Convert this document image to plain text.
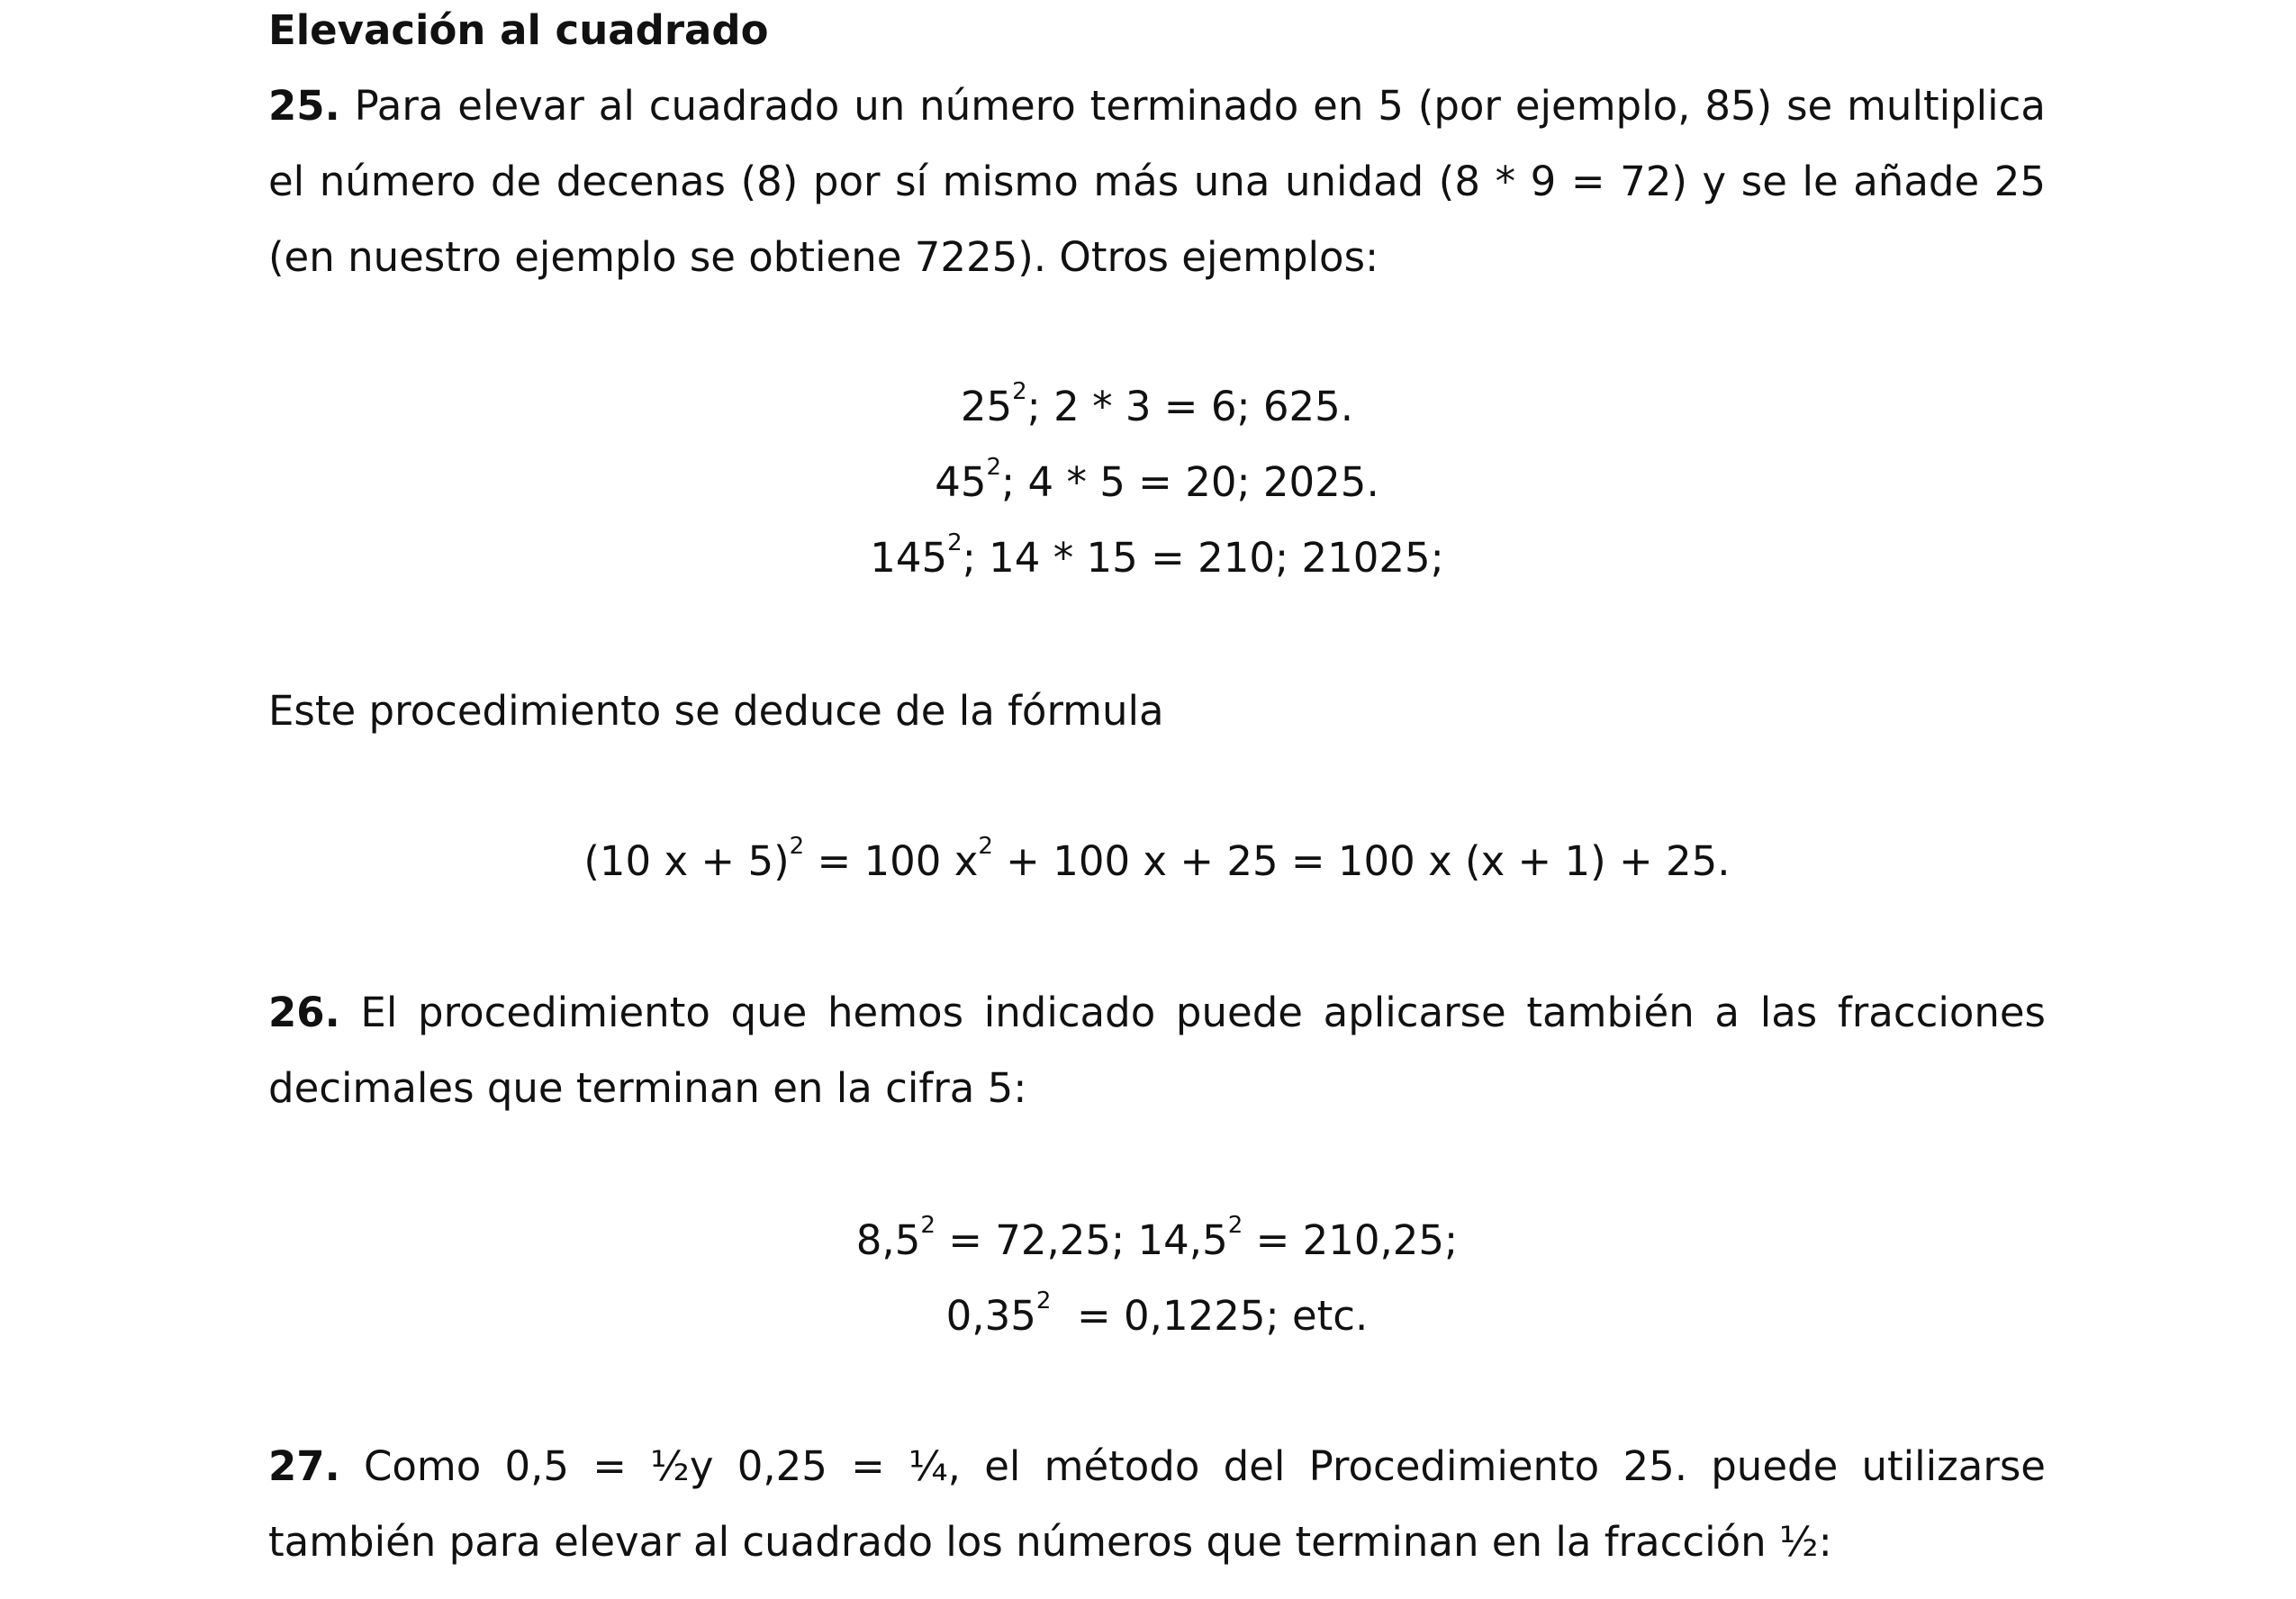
Elevación al cuadrado

25. Para elevar al cuadrado un número terminado en 5 (por ejemplo, 85) se multiplica el número de decenas (8) por sí mismo más una unidad (8 * 9 = 72) y se le añade 25 (en nuestro ejemplo se obtiene 7225). Otros ejemplos:

$25^2$; 2 * 3 = 6; 625.

$45^2$; 4 * 5 = 20; 2025.

$145^2$; 14 * 15 = 210; 21025;

Este procedimiento se deduce de la fórmula

(10 x + 5)$^2$ = 100 $x^2 + 100$ x + 25 = 100 x (x + 1) + 25.

26. El procedimiento que hemos indicado puede aplicarse también a las fracciones decimales que terminan en la cifra 5:

$8,5^2 = 72,25$; $14,5^2 = 210,25$;

0,35$^2$  = 0,1225; etc.

27. Como 0,5 = ½y 0,25 = ¼, el método del Procedimiento 25. puede utilizarse también para elevar al cuadrado los números que terminan en la fracción ½:
